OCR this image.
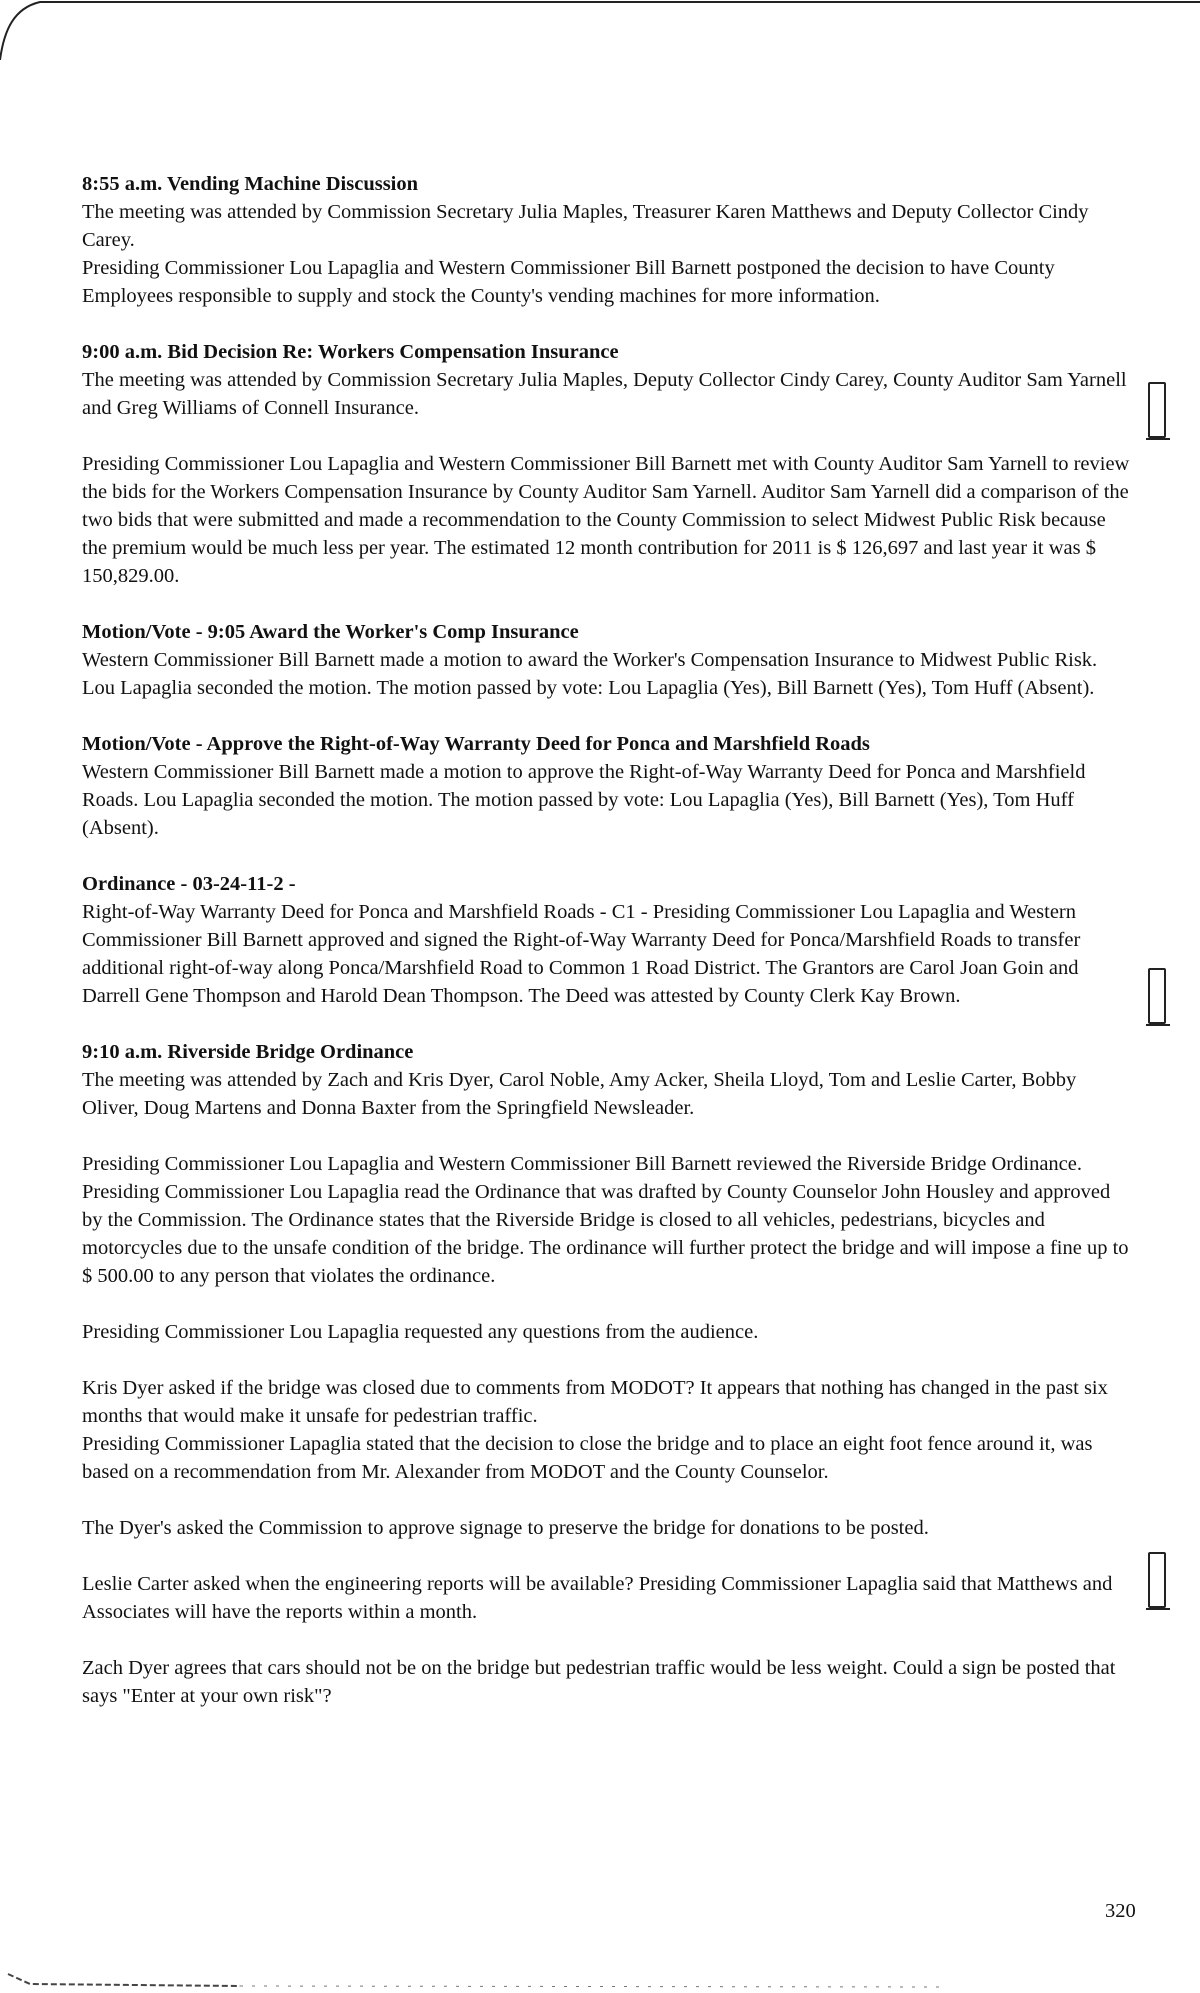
8:55 a.m. Vending Machine Discussion

The meeting was attended by Commission Secretary Julia Maples, Treasurer Karen Matthews and Deputy Collector Cindy Carey.

Presiding Commissioner Lou Lapaglia and Western Commissioner Bill Barnett postponed the decision to have County Employees responsible to supply and stock the County's vending machines for more information.

9:00 a.m. Bid Decision Re: Workers Compensation Insurance

The meeting was attended by Commission Secretary Julia Maples, Deputy Collector Cindy Carey, County Auditor Sam Yarnell and Greg Williams of Connell Insurance.

Presiding Commissioner Lou Lapaglia and Western Commissioner Bill Barnett met with County Auditor Sam Yarnell to review the bids for the Workers Compensation Insurance by County Auditor Sam Yarnell. Auditor Sam Yarnell did a comparison of the two bids that were submitted and made a recommendation to the County Commission to select Midwest Public Risk because the premium would be much less per year. The estimated 12 month contribution for 2011 is $ 126,697 and last year it was $ 150,829.00.

Motion/Vote - 9:05 Award the Worker's Comp Insurance

Western Commissioner Bill Barnett made a motion to award the Worker's Compensation Insurance to Midwest Public Risk. Lou Lapaglia seconded the motion. The motion passed by vote: Lou Lapaglia (Yes), Bill Barnett (Yes), Tom Huff (Absent).

Motion/Vote - Approve the Right-of-Way Warranty Deed for Ponca and Marshfield Roads

Western Commissioner Bill Barnett made a motion to approve the Right-of-Way Warranty Deed for Ponca and Marshfield Roads. Lou Lapaglia seconded the motion. The motion passed by vote: Lou Lapaglia (Yes), Bill Barnett (Yes), Tom Huff (Absent).

Ordinance - 03-24-11-2 -

Right-of-Way Warranty Deed for Ponca and Marshfield Roads - C1 - Presiding Commissioner Lou Lapaglia and Western Commissioner Bill Barnett approved and signed the Right-of-Way Warranty Deed for Ponca/Marshfield Roads to transfer additional right-of-way along Ponca/Marshfield Road to Common 1 Road District. The Grantors are Carol Joan Goin and Darrell Gene Thompson and Harold Dean Thompson. The Deed was attested by County Clerk Kay Brown.

9:10 a.m. Riverside Bridge Ordinance

The meeting was attended by Zach and Kris Dyer, Carol Noble, Amy Acker, Sheila Lloyd, Tom and Leslie Carter, Bobby Oliver, Doug Martens and Donna Baxter from the Springfield Newsleader.

Presiding Commissioner Lou Lapaglia and Western Commissioner Bill Barnett reviewed the Riverside Bridge Ordinance. Presiding Commissioner Lou Lapaglia read the Ordinance that was drafted by County Counselor John Housley and approved by the Commission. The Ordinance states that the Riverside Bridge is closed to all vehicles, pedestrians, bicycles and motorcycles due to the unsafe condition of the bridge. The ordinance will further protect the bridge and will impose a fine up to $ 500.00 to any person that violates the ordinance.

Presiding Commissioner Lou Lapaglia requested any questions from the audience.

Kris Dyer asked if the bridge was closed due to comments from MODOT? It appears that nothing has changed in the past six months that would make it unsafe for pedestrian traffic.

Presiding Commissioner Lapaglia stated that the decision to close the bridge and to place an eight foot fence around it, was based on a recommendation from Mr. Alexander from MODOT and the County Counselor.

The Dyer's asked the Commission to approve signage to preserve the bridge for donations to be posted.

Leslie Carter asked when the engineering reports will be available? Presiding Commissioner Lapaglia said that Matthews and Associates will have the reports within a month.

Zach Dyer agrees that cars should not be on the bridge but pedestrian traffic would be less weight. Could a sign be posted that says "Enter at your own risk"?

320
